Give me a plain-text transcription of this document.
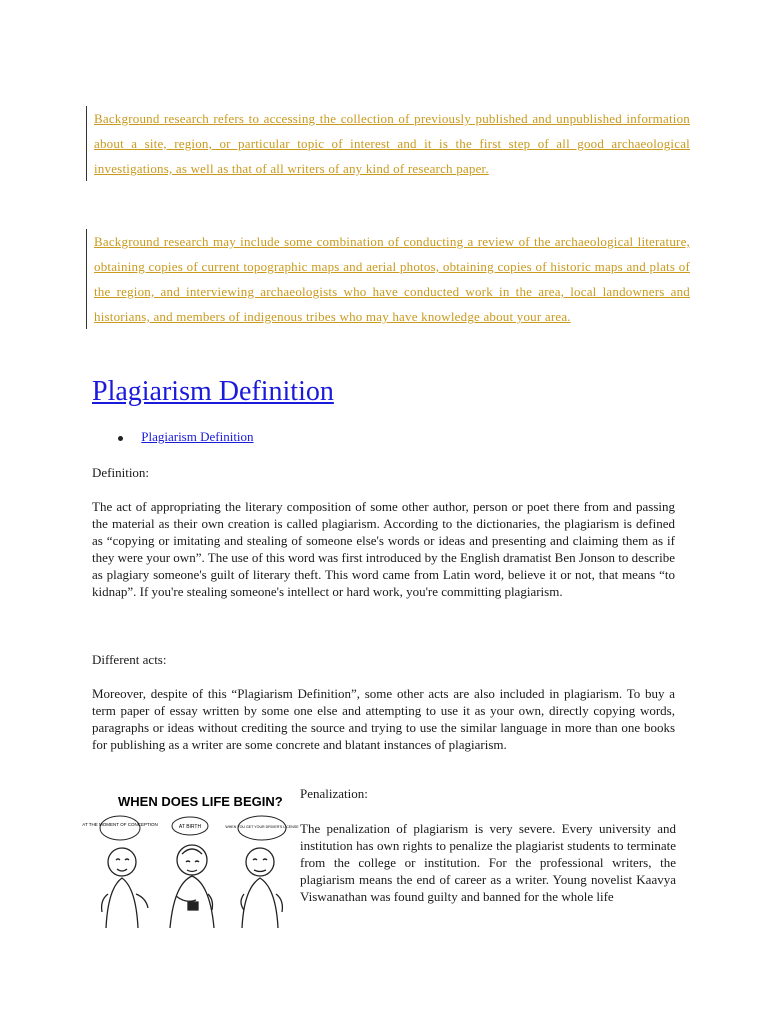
Background research refers to accessing the collection of previously published and unpublished information about a site, region, or particular topic of interest and it is the first step of all good archaeological investigations, as well as that of all writers of any kind of research paper.
Background research may include some combination of conducting a review of the archaeological literature, obtaining copies of current topographic maps and aerial photos, obtaining copies of historic maps and plats of the region, and interviewing archaeologists who have conducted work in the area, local landowners and historians, and members of indigenous tribes who may have knowledge about your area.
Plagiarism Definition
Plagiarism Definition

Definition:

The act of appropriating the literary composition of some other author, person or poet there from and passing the material as their own creation is called plagiarism. According to the dictionaries, the plagiarism is defined as “copying or imitating and stealing of someone else's words or ideas and presenting and claiming them as if they were your own”. The use of this word was first introduced by the English dramatist Ben Jonson to describe as plagiary someone's guilt of literary theft. This word came from Latin word, believe it or not, that means “to kidnap”. If you're stealing someone's intellect or hard work, you're committing plagiarism.

Different acts:

Moreover, despite of this “Plagiarism Definition”, some other acts are also included in plagiarism. To buy a term paper of essay written by some one else and attempting to use it as your own, directly copying words, paragraphs or ideas without crediting the source and trying to use the similar language in more than one books for publishing as a writer are some concrete and blatant instances of plagiarism.

WHEN DOES LIFE BEGIN?
AT THE MOMENT OF CONCEPTION	AT BIRTH	WHEN YOU GET YOUR DRIVER'S LICENSE
Penalization:

The penalization of plagiarism is very severe. Every university and institution has own rights to penalize the plagiarist students to terminate from the college or institution. For the professional writers, the plagiarism means the end of career as a writer. Young novelist Kaavya Viswanathan was found guilty and banned for the whole life
